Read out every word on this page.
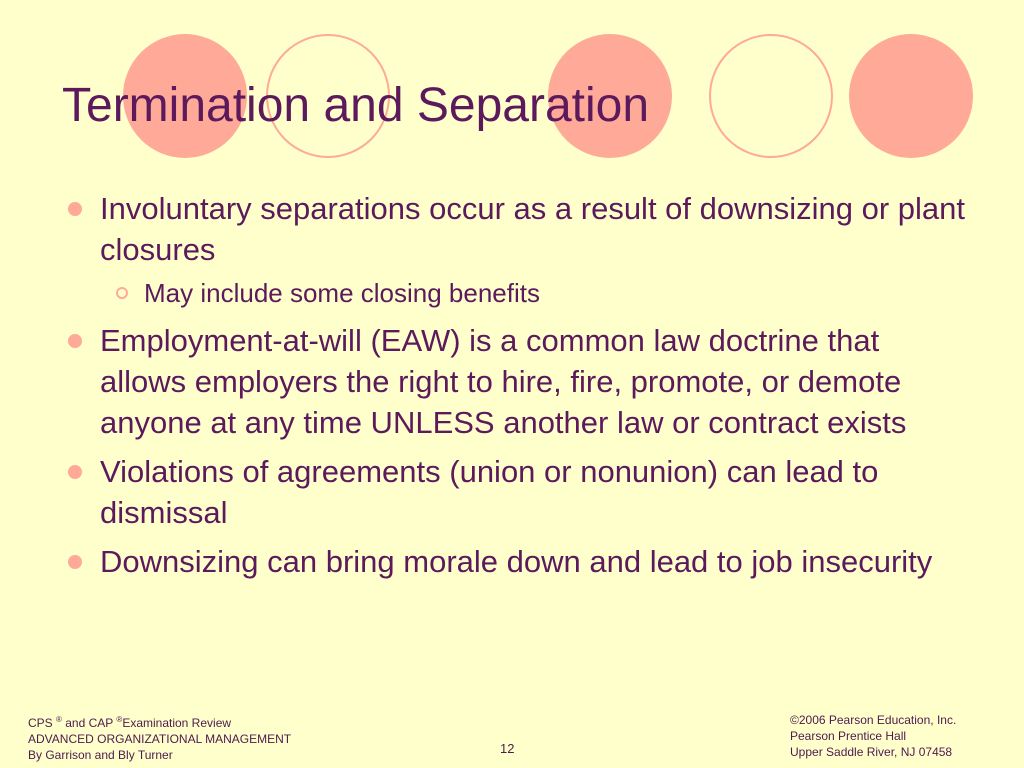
Termination and Separation
Involuntary separations occur as a result of downsizing or plant closures
May include some closing benefits
Employment-at-will (EAW) is a common law doctrine that allows employers the right to hire, fire, promote, or demote anyone at any time UNLESS another law or contract exists
Violations of agreements (union or nonunion) can lead to dismissal
Downsizing can bring morale down and lead to job insecurity
CPS ® and CAP ®Examination Review
ADVANCED ORGANIZATIONAL MANAGEMENT
By Garrison and Bly Turner	12
©2006 Pearson Education, Inc.
Pearson Prentice Hall
Upper Saddle River, NJ 07458
